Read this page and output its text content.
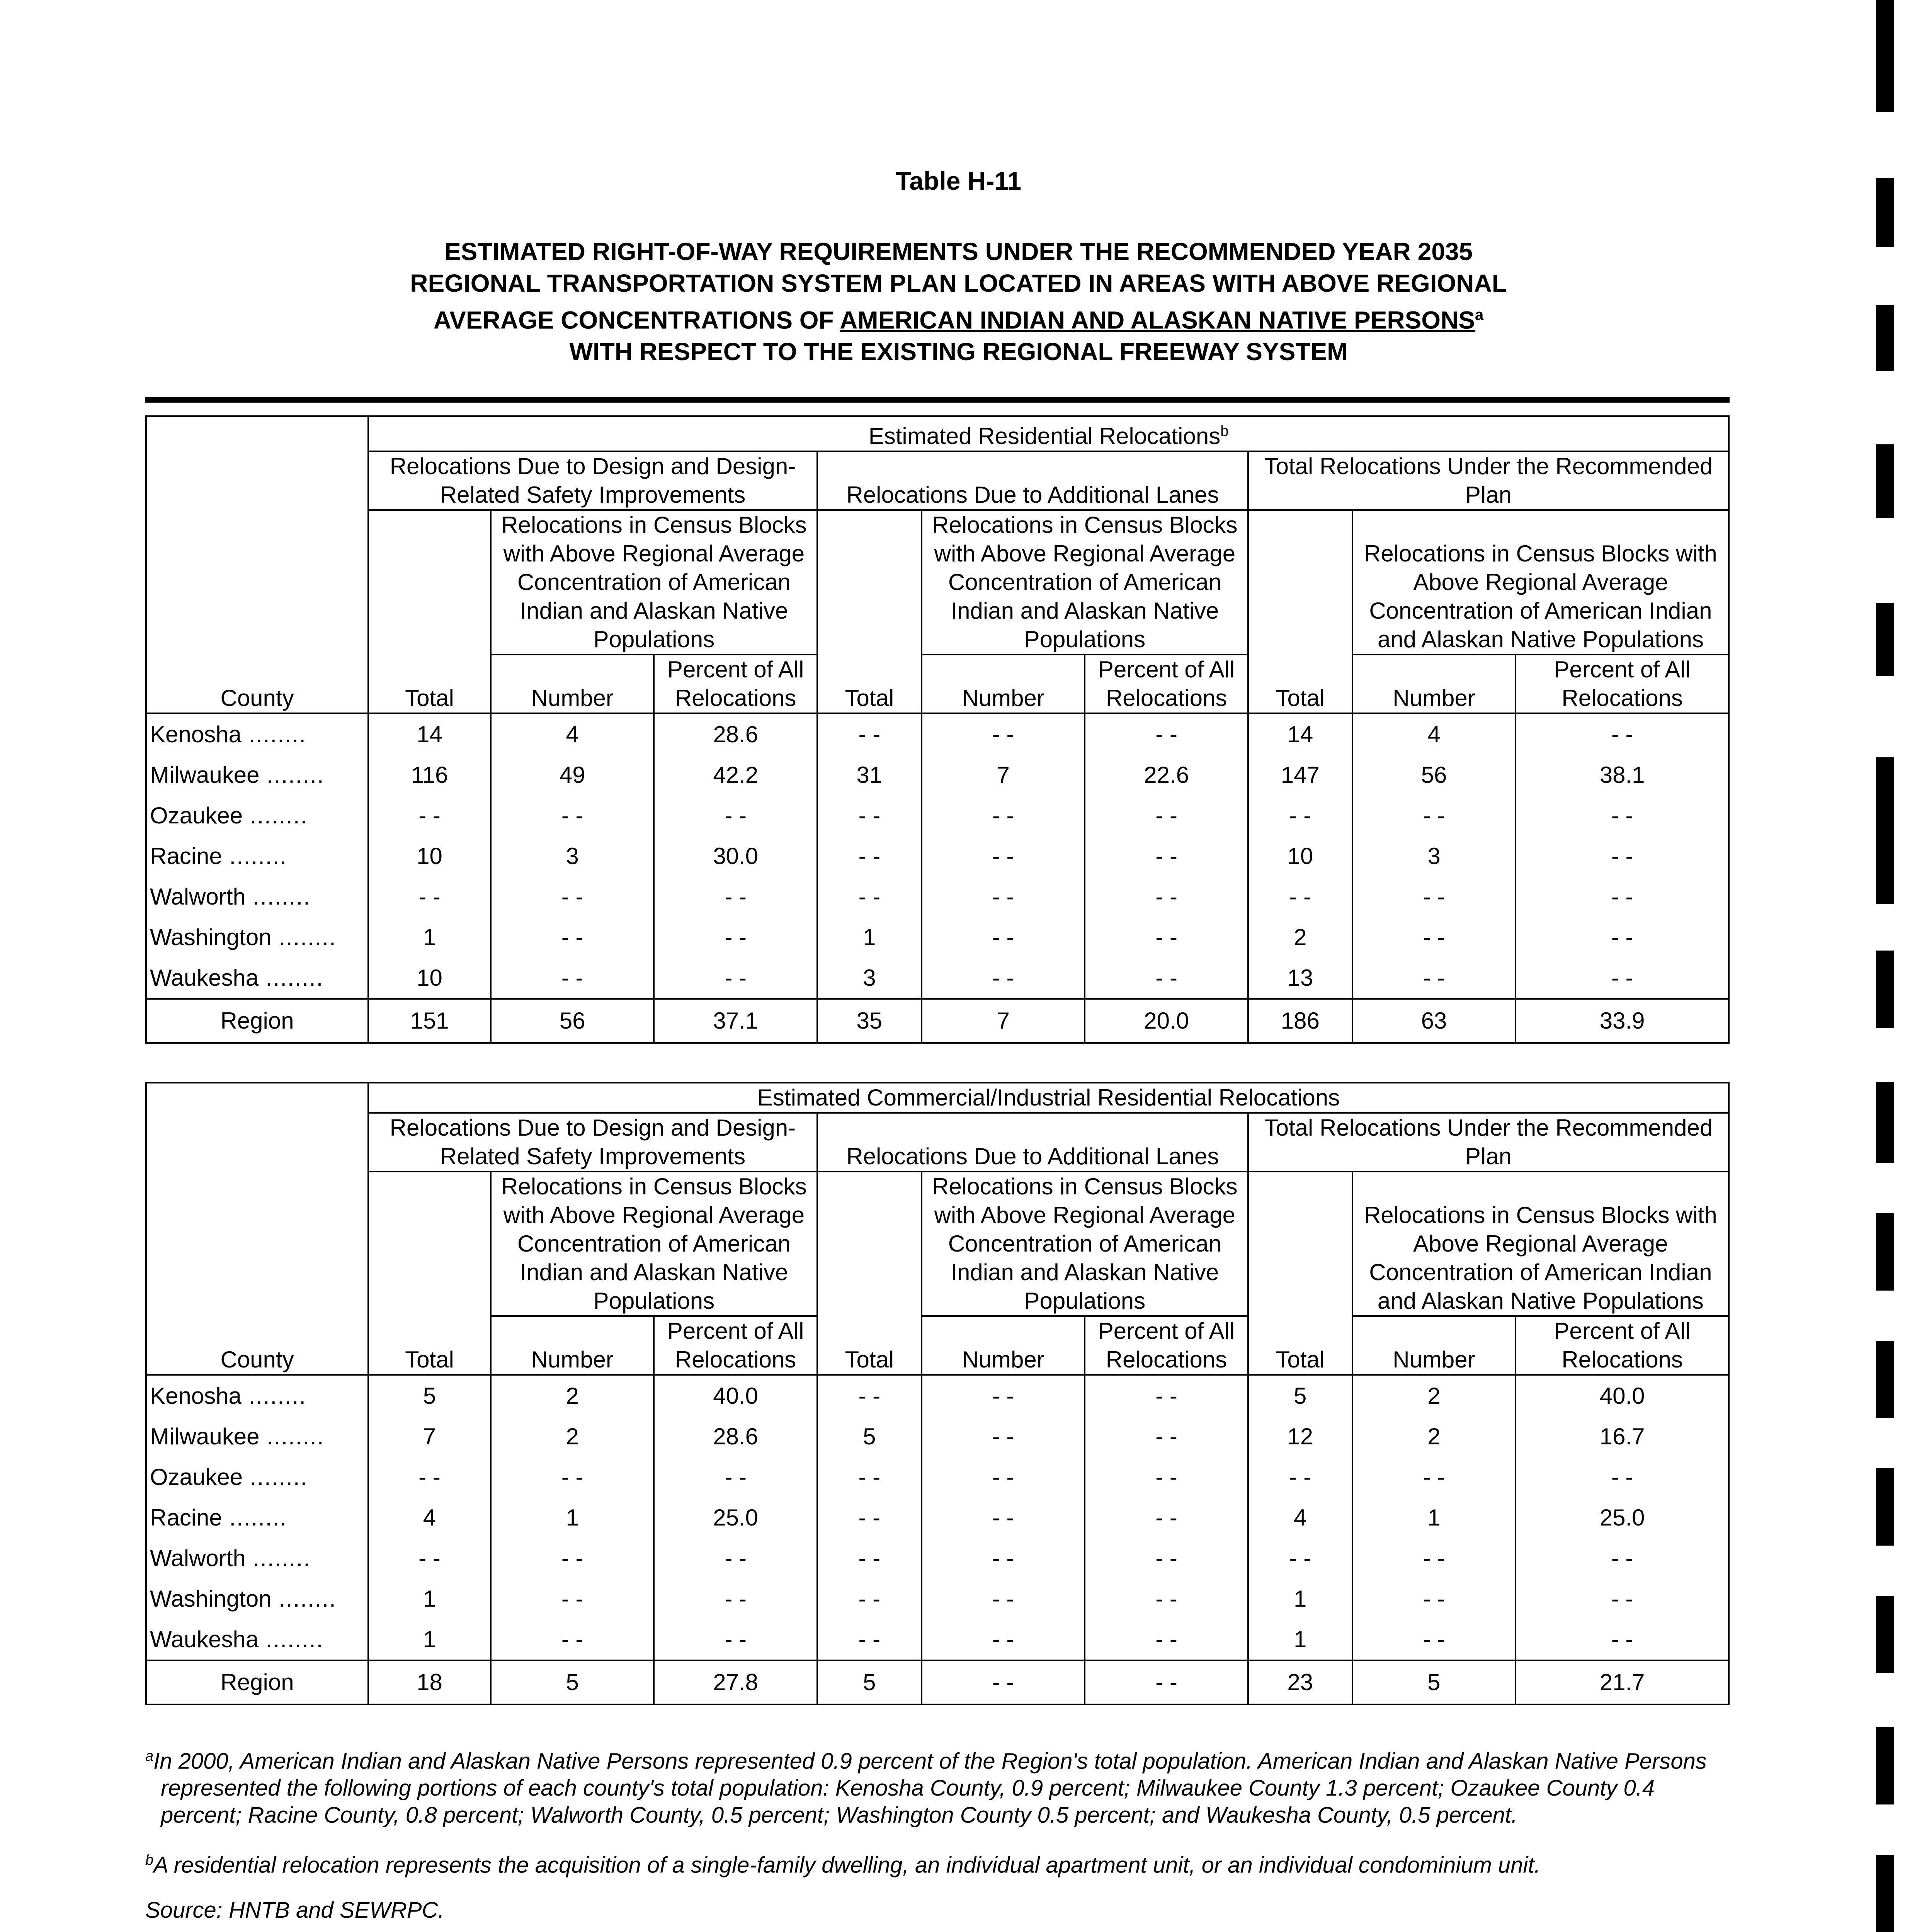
Table H-11
ESTIMATED RIGHT-OF-WAY REQUIREMENTS UNDER THE RECOMMENDED YEAR 2035
REGIONAL TRANSPORTATION SYSTEM PLAN LOCATED IN AREAS WITH ABOVE REGIONAL
AVERAGE CONCENTRATIONS OF AMERICAN INDIAN AND ALASKAN NATIVE PERSONS$^a$
WITH RESPECT TO THE EXISTING REGIONAL FREEWAY SYSTEM
County	Estimated Residential Relocations$^b$
	Relocations Due to Design and Design-Related Safety Improvements			Relocations Due to Additional Lanes			Total Relocations Under the Recommended Plan		
	Total	Relocations in Census Blocks with Above Regional Average Concentration of American Indian and Alaskan Native Populations		Total	Relocations in Census Blocks with Above Regional Average Concentration of American Indian and Alaskan Native Populations		Total	Relocations in Census Blocks with Above Regional Average Concentration of American Indian and Alaskan Native Populations	
		Number	Percent of All Relocations		Number	Percent of All Relocations		Number	Percent of All Relocations

Kenosha ........	14	4	28.6	- -	- -	- -	14	4	- -
Milwaukee ........	116	49	42.2	31	7	22.6	147	56	38.1
Ozaukee ........	- -	- -	- -	- -	- -	- -	- -	- -	- -
Racine ........	10	3	30.0	- -	- -	- -	10	3	- -
Walworth ........	- -	- -	- -	- -	- -	- -	- -	- -	- -
Washington ........	1	- -	- -	1	- -	- -	2	- -	- -
Waukesha ........	10	- -	- -	3	- -	- -	13	- -	- -
Region	151	56	37.1	35	7	20.0	186	63	33.9
County	Estimated Commercial/Industrial Residential Relocations								
	Relocations Due to Design and Design-Related Safety Improvements			Relocations Due to Additional Lanes			Total Relocations Under the Recommended Plan		
	Total	Relocations in Census Blocks with Above Regional Average Concentration of American Indian and Alaskan Native Populations		Total	Relocations in Census Blocks with Above Regional Average Concentration of American Indian and Alaskan Native Populations		Total	Relocations in Census Blocks with Above Regional Average Concentration of American Indian and Alaskan Native Populations	
		Number	Percent of All Relocations		Number	Percent of All Relocations		Number	Percent of All Relocations

Kenosha ........	5	2	40.0	- -	- -	- -	5	2	40.0
Milwaukee ........	7	2	28.6	5	- -	- -	12	2	16.7
Ozaukee ........	- -	- -	- -	- -	- -	- -	- -	- -	- -
Racine ........	4	1	25.0	- -	- -	- -	4	1	25.0
Walworth ........	- -	- -	- -	- -	- -	- -	- -	- -	- -
Washington ........	1	- -	- -	- -	- -	- -	1	- -	- -
Waukesha ........	1	- -	- -	- -	- -	- -	1	- -	- -
Region	18	5	27.8	5	- -	- -	23	5	21.7

$^a$In 2000, American Indian and Alaskan Native Persons represented 0.9 percent of the Region's total population. American Indian and Alaskan Native Persons represented the following portions of each county's total population: Kenosha County, 0.9 percent; Milwaukee County 1.3 percent; Ozaukee County 0.4 percent; Racine County, 0.8 percent; Walworth County, 0.5 percent; Washington County 0.5 percent; and Waukesha County, 0.5 percent.

$^b$A residential relocation represents the acquisition of a single-family dwelling, an individual apartment unit, or an individual condominium unit.

Source: HNTB and SEWRPC.
